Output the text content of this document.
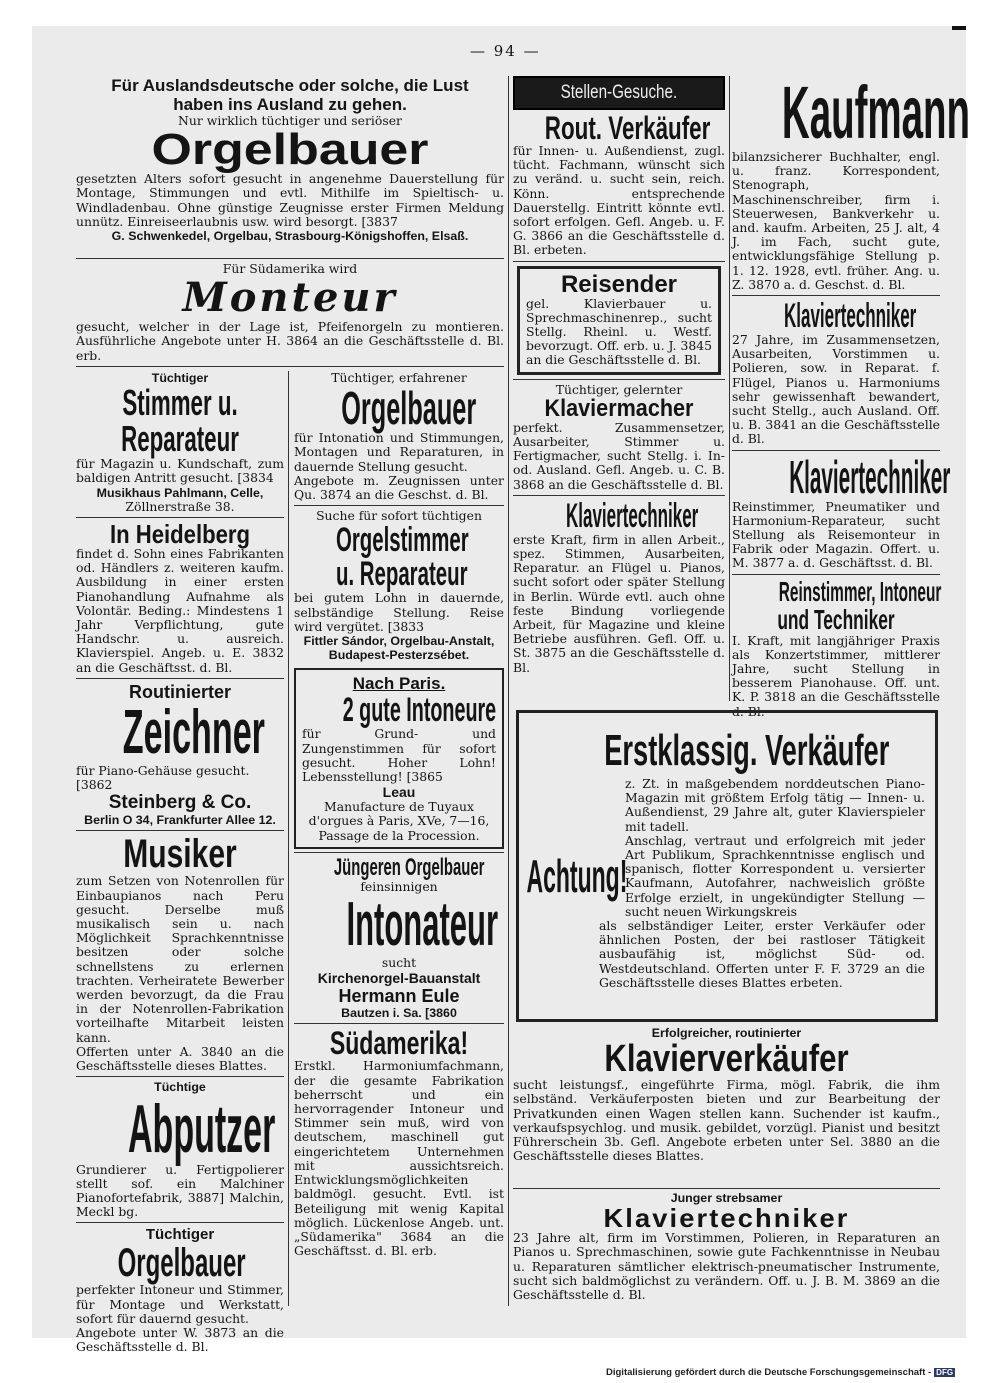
— 94 —

Für Auslandsdeutsche oder solche, die Lust

haben ins Ausland zu gehen.

Nur wirklich tüchtiger und seriöser

Orgelbauer

gesetzten Alters sofort gesucht in angenehme Dauerstellung für Montage, Stimmungen und evtl. Mithilfe im Spieltisch- u. Windladenbau. Ohne günstige Zeugnisse erster Firmen Meldung unnütz. Einreiseerlaubnis usw. wird besorgt. [3837

G. Schwenkedel, Orgelbau, Strasbourg-Königshoffen, Elsaß.

Für Südamerika wird

Monteur

gesucht, welcher in der Lage ist, Pfeifenorgeln zu montieren. Ausführliche Angebote unter H. 3864 an die Geschäftsstelle d. Bl. erb.

Tüchtiger

Stimmer u.

Reparateur

für Magazin u. Kundschaft, zum baldigen Antritt gesucht. [3834

Musikhaus Pahlmann, Celle,

Zöllnerstraße 38.

In Heidelberg

findet d. Sohn eines Fabrikanten od. Händlers z. weiteren kaufm. Ausbildung in einer ersten Pianohandlung Aufnahme als Volontär. Beding.: Mindestens 1 Jahr Verpflichtung, gute Handschr. u. ausreich. Klavierspiel. Angeb. u. E. 3832 an die Geschäftsst. d. Bl.

Routinierter

Zeichner

für Piano-Gehäuse gesucht. [3862

Steinberg & Co.

Berlin O 34, Frankfurter Allee 12.

Musiker

zum Setzen von Notenrollen für Einbaupianos nach Peru gesucht. Derselbe muß musikalisch sein u. nach Möglichkeit Sprachkenntnisse besitzen oder solche schnellstens zu erlernen trachten. Verheiratete Bewerber werden bevorzugt, da die Frau in der Notenrollen-Fabrikation vorteilhafte Mitarbeit leisten kann.

Offerten unter A. 3840 an die Geschäftsstelle dieses Blattes.

Tüchtige

Abputzer

Grundierer u. Fertigpolierer stellt sof. ein Malchiner Pianofortefabrik, 3887] Malchin, Meckl bg.

Tüchtiger

Orgelbauer

perfekter Intoneur und Stimmer, für Montage und Werkstatt, sofort für dauernd gesucht.

Angebote unter W. 3873 an die Geschäftsstelle d. Bl.

Tüchtiger, erfahrener

Orgelbauer

für Intonation und Stimmungen, Montagen und Reparaturen, in dauernde Stellung gesucht.

Angebote m. Zeugnissen unter Qu. 3874 an die Geschst. d. Bl.

Suche für sofort tüchtigen

Orgelstimmer

u. Reparateur

bei gutem Lohn in dauernde, selbständige Stellung. Reise wird vergütet. [3833

Fittler Sándor, Orgelbau-Anstalt,

Budapest-Pesterzsébet.

Nach Paris.

2 gute Intoneure

für Grund- und Zungenstimmen für sofort gesucht. Hoher Lohn! Lebensstellung! [3865

Leau

Manufacture de Tuyaux d'orgues à Paris, XVe, 7—16, Passage de la Procession.

Jüngeren Orgelbauer

feinsinnigen

Intonateur

sucht

Kirchenorgel-Bauanstalt

Hermann Eule

Bautzen i. Sa. [3860

Südamerika!

Erstkl. Harmoniumfachmann, der die gesamte Fabrikation beherrscht und ein hervorragender Intoneur und Stimmer sein muß, wird von deutschem, maschinell gut eingerichtetem Unternehmen mit aussichtsreich. Entwicklungsmöglichkeiten baldmögl. gesucht. Evtl. ist Beteiligung mit wenig Kapital möglich. Lückenlose Angeb. unt. „Südamerika" 3684 an die Geschäftsst. d. Bl. erb.

Stellen-Gesuche.

Rout. Verkäufer

für Innen- u. Außendienst, zugl. tücht. Fachmann, wünscht sich zu veränd. u. sucht sein, reich. Könn. entsprechende Dauerstellg. Eintritt könnte evtl. sofort erfolgen. Gefl. Angeb. u. F. G. 3866 an die Geschäftsstelle d. Bl. erbeten.

Reisender

gel. Klavierbauer u. Sprechmaschinenrep., sucht Stellg. Rheinl. u. Westf. bevorzugt. Off. erb. u. J. 3845 an die Geschäftsstelle d. Bl.

Tüchtiger, gelernter

Klaviermacher

perfekt. Zusammensetzer, Ausarbeiter, Stimmer u. Fertigmacher, sucht Stellg. i. In- od. Ausland. Gefl. Angeb. u. C. B. 3868 an die Geschäftsstelle d. Bl.

Klaviertechniker

erste Kraft, firm in allen Arbeit., spez. Stimmen, Ausarbeiten, Reparatur. an Flügel u. Pianos, sucht sofort oder später Stellung in Berlin. Würde evtl. auch ohne feste Bindung vorliegende Arbeit, für Magazine und kleine Betriebe ausführen. Gefl. Off. u. St. 3875 an die Geschäftsstelle d. Bl.

Kaufmann

bilanzsicherer Buchhalter, engl. u. franz. Korrespondent, Stenograph, Maschinenschreiber, firm i. Steuerwesen, Bankverkehr u. and. kaufm. Arbeiten, 25 J. alt, 4 J. im Fach, sucht gute, entwicklungsfähige Stellung p. 1. 12. 1928, evtl. früher. Ang. u. Z. 3870 a. d. Geschst. d. Bl.

Klaviertechniker

27 Jahre, im Zusammensetzen, Ausarbeiten, Vorstimmen u. Polieren, sow. in Reparat. f. Flügel, Pianos u. Harmoniums sehr gewissenhaft bewandert, sucht Stellg., auch Ausland. Off. u. B. 3841 an die Geschäftsstelle d. Bl.

Klaviertechniker

Reinstimmer, Pneumatiker und Harmonium-Reparateur, sucht Stellung als Reisemonteur in Fabrik oder Magazin. Offert. u. M. 3877 a. d. Geschäftsst. d. Bl.

Reinstimmer, Intoneur

und Techniker

I. Kraft, mit langjähriger Praxis als Konzertstimmer, mittlerer Jahre, sucht Stellung in besserem Pianohause. Off. unt. K. P. 3818 an die Geschäftsstelle d. Bl.

Erstklassig. Verkäufer

z. Zt. in maßgebendem norddeutschen Piano-Magazin mit größtem Erfolg tätig — Innen- u. Außendienst, 29 Jahre alt, guter Klavierspieler mit tadell.

Achtung!

Anschlag, vertraut und erfolgreich mit jeder Art Publikum, Sprachkenntnisse englisch und spanisch, flotter Korrespondent u. versierter Kaufmann, Autofahrer, nachweislich größte Erfolge erzielt, in ungekündigter Stellung — sucht neuen Wirkungskreis

als selbständiger Leiter, erster Verkäufer oder ähnlichen Posten, der bei rastloser Tätigkeit ausbaufähig ist, möglichst Süd- od. Westdeutschland. Offerten unter F. F. 3729 an die Geschäftsstelle dieses Blattes erbeten.

Erfolgreicher, routinierter

Klavierverkäufer

sucht leistungsf., eingeführte Firma, mögl. Fabrik, die ihm selbständ. Verkäuferposten bieten und zur Bearbeitung der Privatkunden einen Wagen stellen kann. Suchender ist kaufm., verkaufspsychlog. und musik. gebildet, vorzügl. Pianist und besitzt Führerschein 3b. Gefl. Angebote erbeten unter Sel. 3880 an die Geschäftsstelle dieses Blattes.

Junger strebsamer

Klaviertechniker

23 Jahre alt, firm im Vorstimmen, Polieren, in Reparaturen an Pianos u. Sprechmaschinen, sowie gute Fachkenntnisse in Neubau u. Reparaturen sämtlicher elektrisch-pneumatischer Instrumente, sucht sich baldmöglichst zu verändern. Off. u. J. B. M. 3869 an die Geschäftsstelle d. Bl.

Digitalisierung gefördert durch die Deutsche Forschungsgemeinschaft - DFG
